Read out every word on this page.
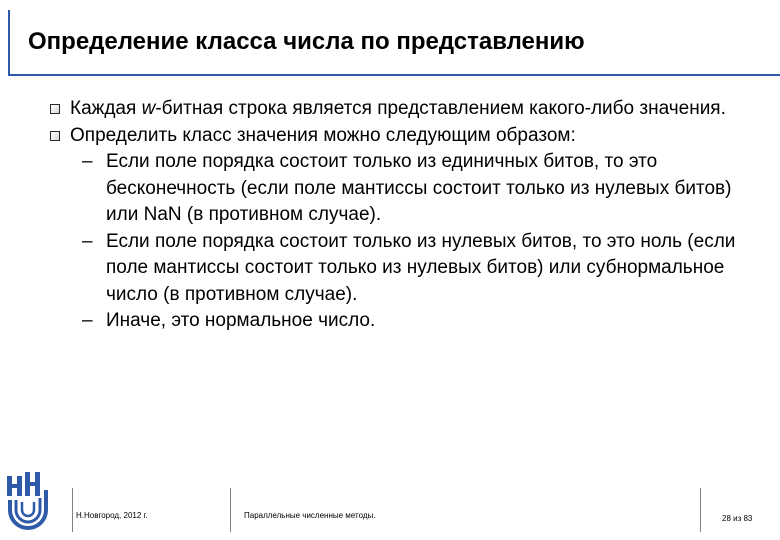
Определение класса числа по представлению
Каждая w-битная строка является представлением какого-либо значения.
Определить класс значения можно следующим образом:
– Если поле порядка состоит только из единичных битов, то это бесконечность (если поле мантиссы состоит только из нулевых битов) или NaN (в противном случае).
– Если поле порядка состоит только из нулевых битов, то это ноль (если поле мантиссы состоит только из нулевых битов) или субнормальное число (в противном случае).
– Иначе, это нормальное число.
Н.Новгород, 2012 г.	Параллельные численные методы.	28 из 83
